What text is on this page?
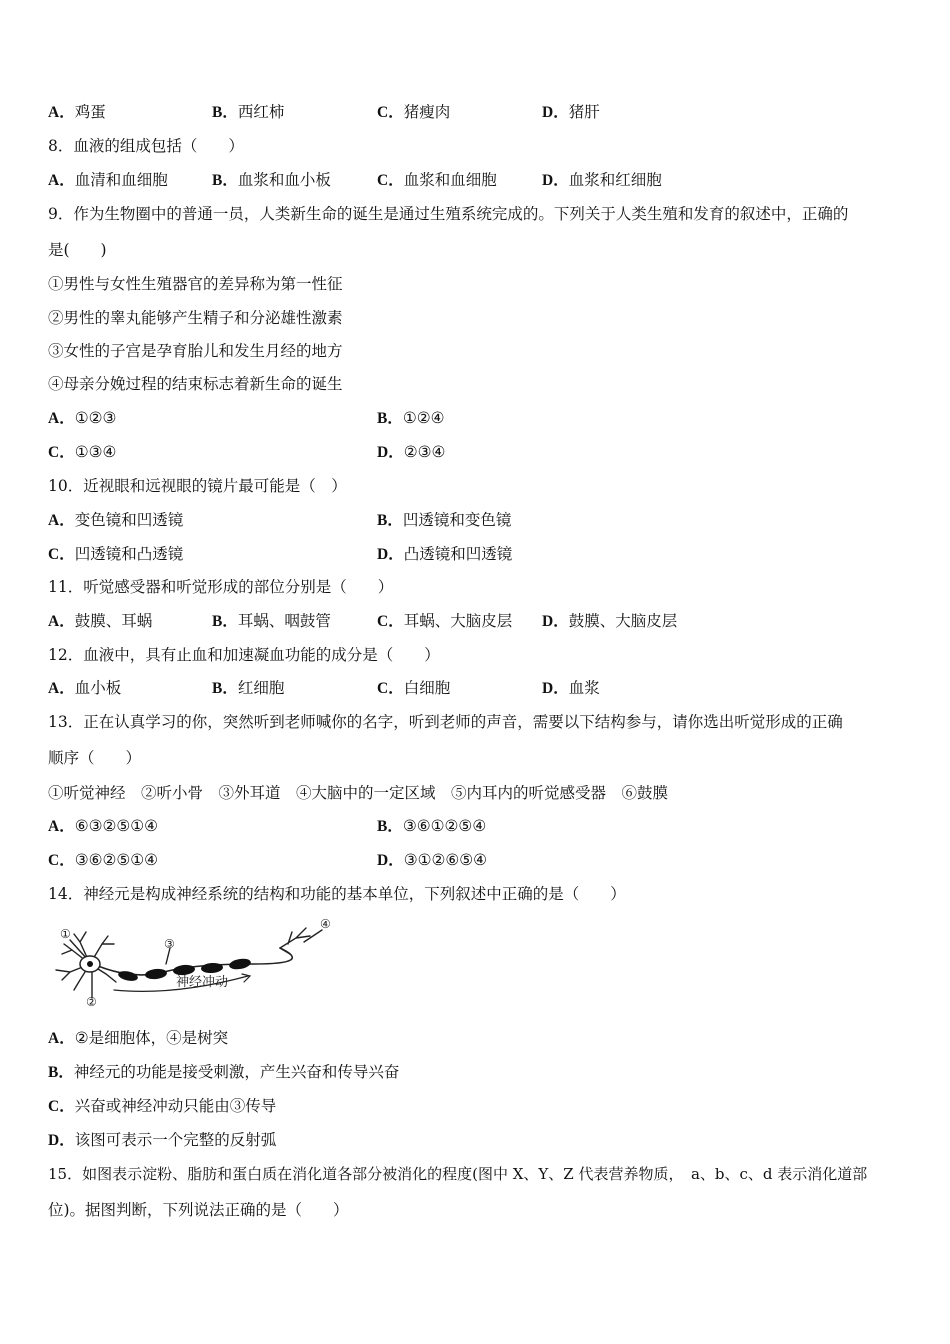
A．鸡蛋	B．西红柿	C．猪瘦肉	D．猪肝
8．血液的组成包括（　　）
A．血清和血细胞	B．血浆和血小板	C．血浆和血细胞	D．血浆和红细胞
9．作为生物圈中的普通一员，人类新生命的诞生是通过生殖系统完成的。下列关于人类生殖和发育的叙述中，正确的
是(　　)
①男性与女性生殖器官的差异称为第一性征
②男性的睾丸能够产生精子和分泌雄性激素
③女性的子宫是孕育胎儿和发生月经的地方
④母亲分娩过程的结束标志着新生命的诞生
A．①②③	B．①②④
C．①③④	D．②③④
10．近视眼和远视眼的镜片最可能是（　）
A．变色镜和凹透镜	B．凹透镜和变色镜
C．凹透镜和凸透镜	D．凸透镜和凹透镜
11．听觉感受器和听觉形成的部位分别是（　　）
A．鼓膜、耳蜗	B．耳蜗、咽鼓管	C．耳蜗、大脑皮层 D．鼓膜、大脑皮层
12．血液中，具有止血和加速凝血功能的成分是（　　）
A．血小板	B．红细胞	C．白细胞	D．血浆
13．正在认真学习的你，突然听到老师喊你的名字，听到老师的声音，需要以下结构参与，请你选出听觉形成的正确
顺序（　　）
①听觉神经　②听小骨　③外耳道　④大脑中的一定区域　⑤内耳内的听觉感受器　⑥鼓膜
A．⑥③②⑤①④	B．③⑥①②⑤④
C．③⑥②⑤①④	D．③①②⑥⑤④
14．神经元是构成神经系统的结构和功能的基本单位，下列叙述中正确的是（　　）
①
②
③
④
神经冲动
A．②是细胞体，④是树突
B．神经元的功能是接受刺激，产生兴奋和传导兴奋
C．兴奋或神经冲动只能由③传导
D．该图可表示一个完整的反射弧
15．如图表示淀粉、脂肪和蛋白质在消化道各部分被消化的程度(图中 X、Y、Z 代表营养物质，　a、b、c、d 表示消化道部
位)。据图判断，下列说法正确的是（　　）
